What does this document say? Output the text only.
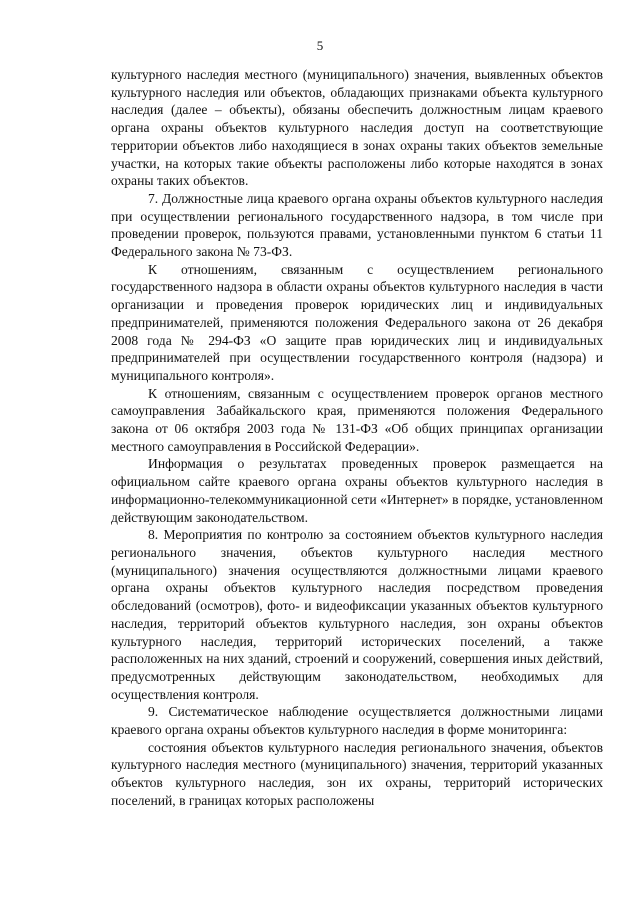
5

культурного наследия местного (муниципального) значения, выявленных объектов культурного наследия или объектов, обладающих признаками объекта культурного наследия (далее – объекты), обязаны обеспечить должностным лицам краевого органа охраны объектов культурного наследия доступ на соответствующие территории объектов либо находящиеся в зонах охраны таких объектов земельные участки, на которых такие объекты расположены либо которые находятся в зонах охраны таких объектов.

7. Должностные лица краевого органа охраны объектов культурного наследия при осуществлении регионального государственного надзора, в том числе при проведении проверок, пользуются правами, установленными пунктом 6 статьи 11 Федерального закона № 73-ФЗ.

К отношениям, связанным с осуществлением регионального государственного надзора в области охраны объектов культурного наследия в части организации и проведения проверок юридических лиц и индивидуальных предпринимателей, применяются положения Федерального закона от 26 декабря 2008 года № 294-ФЗ «О защите прав юридических лиц и индивидуальных предпринимателей при осуществлении государственного контроля (надзора) и муниципального контроля».

К отношениям, связанным с осуществлением проверок органов местного самоуправления Забайкальского края, применяются положения Федерального закона от 06 октября 2003 года № 131-ФЗ «Об общих принципах организации местного самоуправления в Российской Федерации».

Информация о результатах проведенных проверок размещается на официальном сайте краевого органа охраны объектов культурного наследия в информационно-телекоммуникационной сети «Интернет» в порядке, установленном действующим законодательством.

8. Мероприятия по контролю за состоянием объектов культурного наследия регионального значения, объектов культурного наследия местного (муниципального) значения осуществляются должностными лицами краевого органа охраны объектов культурного наследия посредством проведения обследований (осмотров), фото- и видеофиксации указанных объектов культурного наследия, территорий объектов культурного наследия, зон охраны объектов культурного наследия, территорий исторических поселений, а также расположенных на них зданий, строений и сооружений, совершения иных действий, предусмотренных действующим законодательством, необходимых для осуществления контроля.

9. Систематическое наблюдение осуществляется должностными лицами краевого органа охраны объектов культурного наследия в форме мониторинга:

состояния объектов культурного наследия регионального значения, объектов культурного наследия местного (муниципального) значения, территорий указанных объектов культурного наследия, зон их охраны, территорий исторических поселений, в границах которых расположены
